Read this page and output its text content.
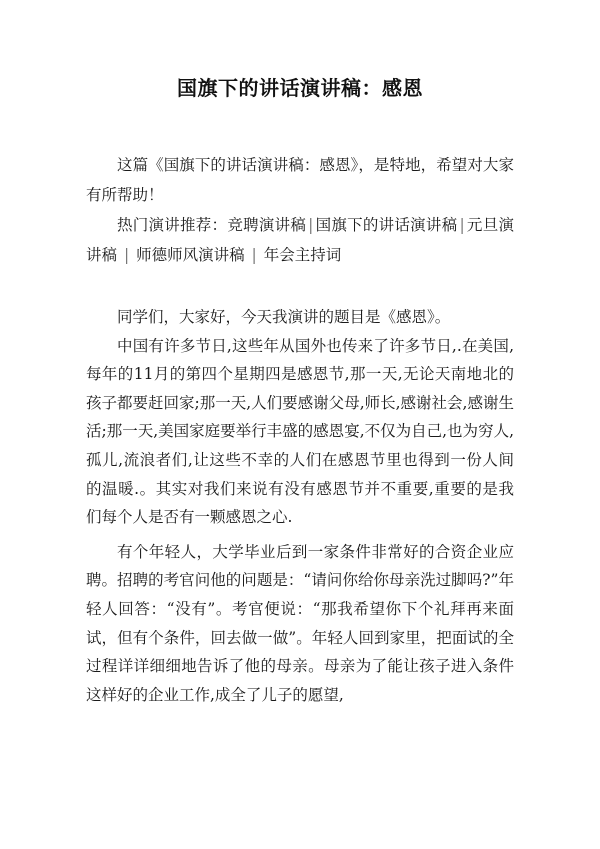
国旗下的讲话演讲稿：感恩

这篇《国旗下的讲话演讲稿：感恩》，是特地，希望对大家有所帮助！

热门演讲推荐：竞聘演讲稿 | 国旗下的讲话演讲稿 | 元旦演讲稿 | 师德师风演讲稿 | 年会主持词

同学们，大家好，今天我演讲的题目是《感恩》。

中国有许多节日,这些年从国外也传来了许多节日,.在美国,每年的11月的第四个星期四是感恩节,那一天,无论天南地北的孩子都要赶回家;那一天,人们要感谢父母,师长,感谢社会,感谢生活;那一天,美国家庭要举行丰盛的感恩宴,不仅为自己,也为穷人,孤儿,流浪者们,让这些不幸的人们在感恩节里也得到一份人间的温暖.。其实对我们来说有没有感恩节并不重要,重要的是我们每个人是否有一颗感恩之心.

有个年轻人，大学毕业后到一家条件非常好的合资企业应聘。招聘的考官问他的问题是：“请问你给你母亲洗过脚吗?”年轻人回答：“没有”。考官便说：“那我希望你下个礼拜再来面试，但有个条件，回去做一做”。年轻人回到家里，把面试的全过程详详细细地告诉了他的母亲。母亲为了能让孩子进入条件这样好的企业工作,成全了儿子的愿望,
